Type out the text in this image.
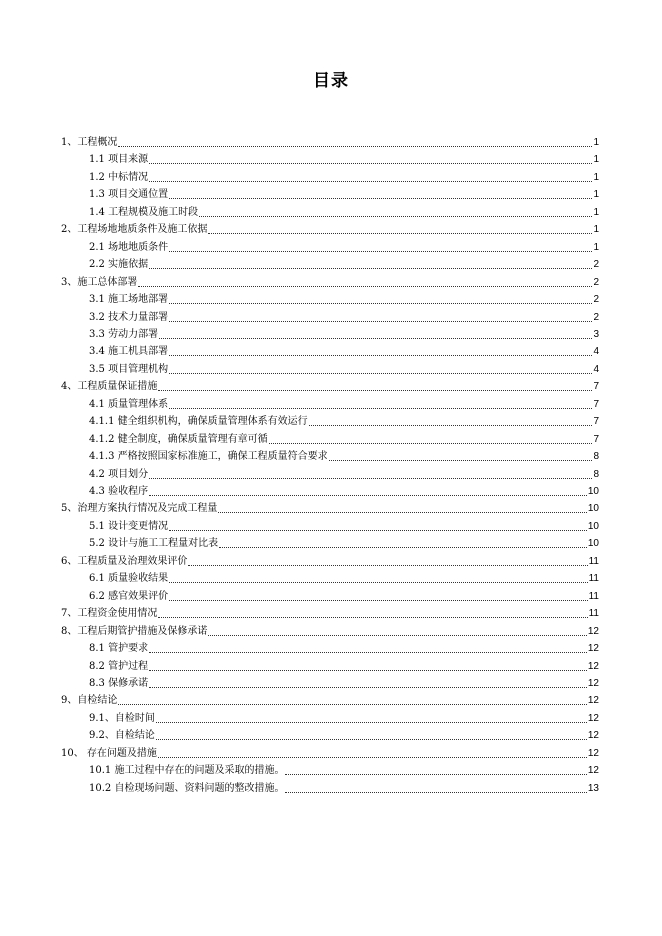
目录
1、工程概况	1
1.1 项目来源	1
1.2 中标情况	1
1.3 项目交通位置	1
1.4 工程规模及施工时段	1
2、工程场地地质条件及施工依据	1
2.1 场地地质条件	1
2.2 实施依据	2
3、施工总体部署	2
3.1 施工场地部署	2
3.2 技术力量部署	2
3.3 劳动力部署	3
3.4 施工机具部署	4
3.5 项目管理机构	4
4、工程质量保证措施	7
4.1 质量管理体系	7
4.1.1 健全组织机构，确保质量管理体系有效运行	7
4.1.2 健全制度，确保质量管理有章可循	7
4.1.3 严格按照国家标准施工，确保工程质量符合要求	8
4.2 项目划分	8
4.3 验收程序	10
5、治理方案执行情况及完成工程量	10
5.1 设计变更情况	10
5.2 设计与施工工程量对比表	10
6、工程质量及治理效果评价	11
6.1 质量验收结果	11
6.2 感官效果评价	11
7、工程资金使用情况	11
8、工程后期管护措施及保修承诺	12
8.1 管护要求	12
8.2 管护过程	12
8.3 保修承诺	12
9、自检结论	12
9.1、自检时间	12
9.2、自检结论	12
10、 存在问题及措施	12
10.1 施工过程中存在的问题及采取的措施。	12
10.2 自检现场问题、资料问题的整改措施。	13
